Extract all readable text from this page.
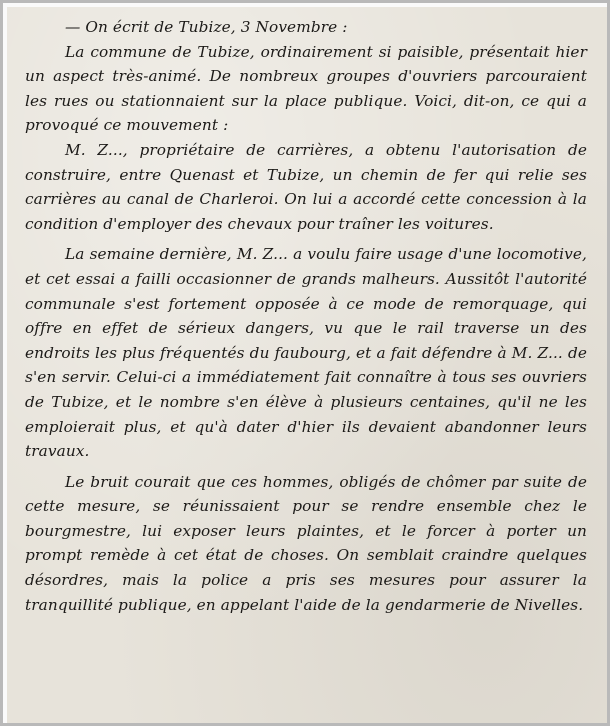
— On écrit de Tubize, 3 Novembre :

La commune de Tubize, ordinairement si paisible, présentait hier un aspect très-animé. De nombreux groupes d'ouvriers parcouraient les rues ou stationnaient sur la place publique. Voici, dit-on, ce qui a provoqué ce mouvement :

M. Z..., propriétaire de carrières, a obtenu l'autorisation de construire, entre Quenast et Tubize, un chemin de fer qui relie ses carrières au canal de Charleroi. On lui a accordé cette concession à la condition d'employer des chevaux pour traîner les voitures.

La semaine dernière, M. Z... a voulu faire usage d'une locomotive, et cet essai a failli occasionner de grands malheurs. Aussitôt l'autorité communale s'est fortement opposée à ce mode de remorquage, qui offre en effet de sérieux dangers, vu que le rail traverse un des endroits les plus fréquentés du faubourg, et a fait défendre à M. Z... de s'en servir. Celui-ci a immédiatement fait connaître à tous ses ouvriers de Tubize, et le nombre s'en élève à plusieurs centaines, qu'il ne les emploierait plus, et qu'à dater d'hier ils devaient abandonner leurs travaux.

Le bruit courait que ces hommes, obligés de chômer par suite de cette mesure, se réunissaient pour se rendre ensemble chez le bourgmestre, lui exposer leurs plaintes, et le forcer à porter un prompt remède à cet état de choses. On semblait craindre quelques désordres, mais la police a pris ses mesures pour assurer la tranquillité publique, en appelant l'aide de la gendarmerie de Nivelles.
